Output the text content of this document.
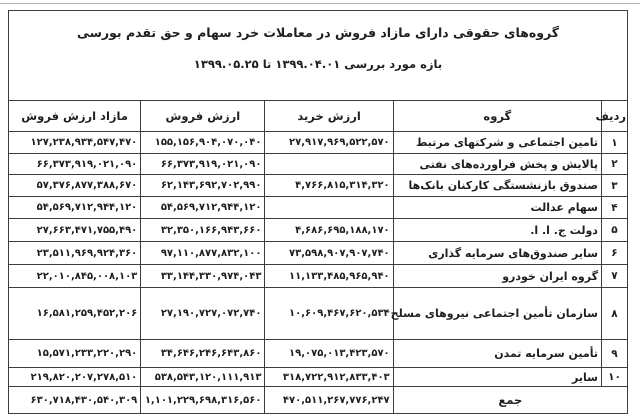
گروه‌های حقوقی دارای مازاد فروش در معاملات خرد سهام و حق تقدم بورسی
بازه مورد بررسی ۱۳۹۹.۰۴.۰۱ تا ۱۳۹۹.۰۵.۲۵				

ردیف	گروه	ارزش خرید	ارزش فروش	مازاد ارزش فروش
۱	تامین اجتماعی و شرکتهای مرتبط	۲۷,۹۱۷,۹۶۹,۵۲۲,۵۷۰	۱۵۵,۱۵۶,۹۰۴,۰۷۰,۰۴۰	۱۲۷,۲۳۸,۹۳۴,۵۴۷,۴۷۰
۲	پالایش و پخش فراورده‌های نفتی		۶۶,۳۷۳,۹۱۹,۰۲۱,۰۹۰	۶۶,۳۷۳,۹۱۹,۰۲۱,۰۹۰
۳	صندوق بازنشستگی کارکنان بانک‌ها	۴,۷۶۶,۸۱۵,۳۱۴,۳۲۰	۶۲,۱۴۳,۶۹۲,۷۰۲,۹۹۰	۵۷,۳۷۶,۸۷۷,۳۸۸,۶۷۰
۴	سهام عدالت		۵۴,۵۶۹,۷۱۲,۹۴۴,۱۲۰	۵۴,۵۶۹,۷۱۲,۹۴۴,۱۲۰
۵	دولت ج. ا. ا.	۴,۶۸۶,۶۹۵,۱۸۸,۱۷۰	۳۲,۳۵۰,۱۶۶,۹۴۳,۶۶۰	۲۷,۶۶۳,۴۷۱,۷۵۵,۴۹۰
۶	سایر صندوق‌های سرمایه گذاری	۷۳,۵۹۸,۹۰۷,۹۰۷,۷۴۰	۹۷,۱۱۰,۸۷۷,۸۳۲,۱۰۰	۲۳,۵۱۱,۹۶۹,۹۲۴,۳۶۰
۷	گروه ایران خودرو	۱۱,۱۳۳,۴۸۵,۹۶۵,۹۴۰	۳۳,۱۴۴,۳۳۰,۹۷۴,۰۴۳	۲۲,۰۱۰,۸۴۵,۰۰۸,۱۰۳
۸	سازمان تأمین اجتماعی نیروهای مسلح	۱۰,۶۰۹,۴۶۷,۶۲۰,۵۳۴	۲۷,۱۹۰,۷۲۷,۰۷۲,۷۴۰	۱۶,۵۸۱,۲۵۹,۴۵۲,۲۰۶
۹	تأمین سرمایه تمدن	۱۹,۰۷۵,۰۱۳,۴۲۳,۵۷۰	۳۴,۶۴۶,۲۴۶,۶۴۳,۸۶۰	۱۵,۵۷۱,۲۳۳,۲۲۰,۲۹۰
۱۰	سایر	۳۱۸,۷۲۲,۹۱۲,۸۳۳,۴۰۳	۵۳۸,۵۴۳,۱۲۰,۱۱۱,۹۱۳	۲۱۹,۸۲۰,۲۰۷,۲۷۸,۵۱۰
جمع		۴۷۰,۵۱۱,۲۶۷,۷۷۶,۲۴۷	۱,۱۰۱,۲۲۹,۶۹۸,۳۱۶,۵۶۰	۶۳۰,۷۱۸,۴۳۰,۵۴۰,۳۰۹
